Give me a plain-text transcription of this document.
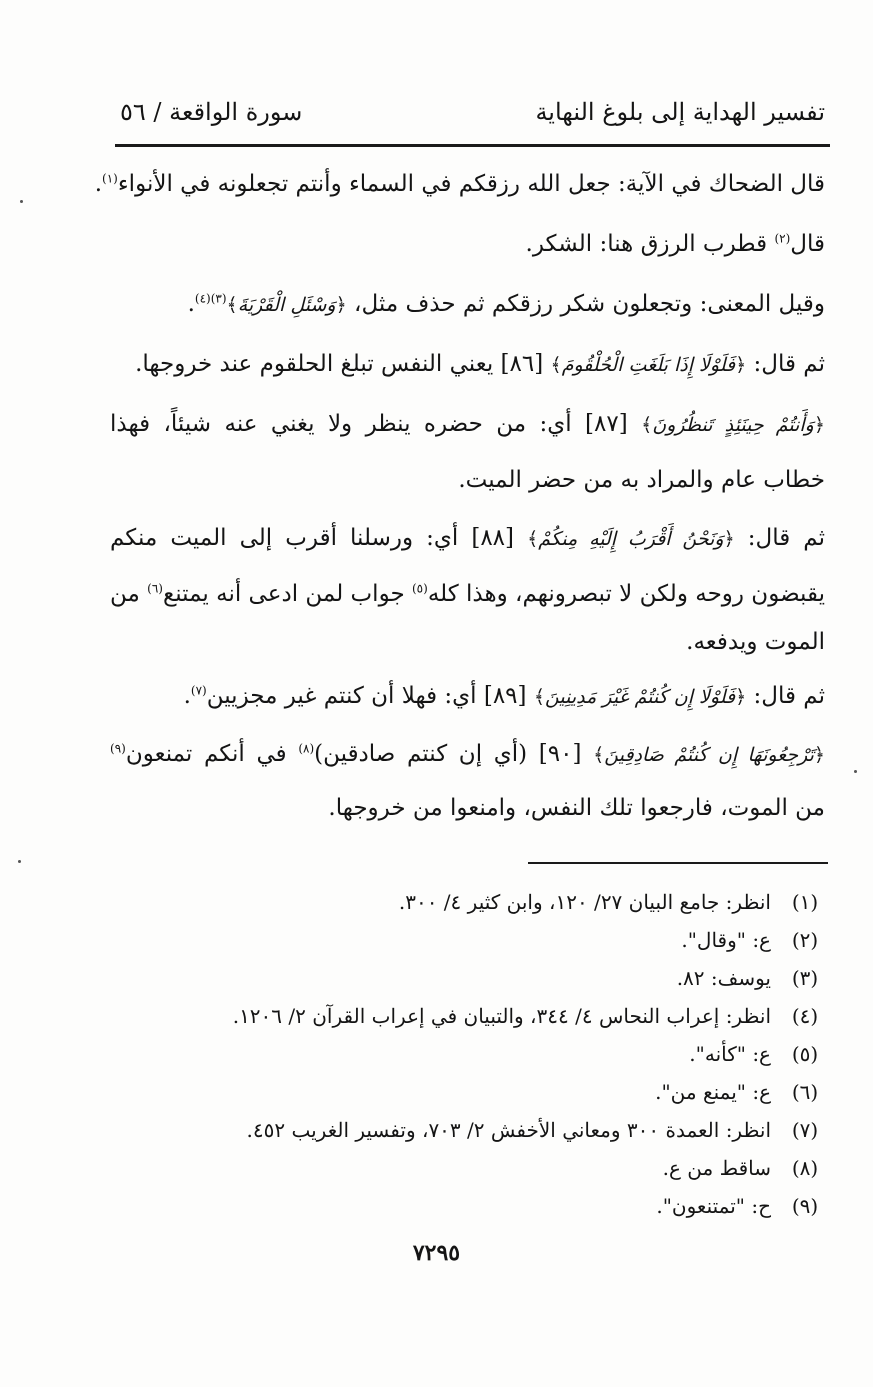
تفسير الهداية إلى بلوغ النهاية
سورة الواقعة / ٥٦
قال الضحاك في الآية: جعل الله رزقكم في السماء وأنتم تجعلونه في الأنواء$^{(١)}$.
قال$^{(٢)}$ قطرب الرزق هنا: الشكر.
وقيل المعنى: وتجعلون شكر رزقكم ثم حذف مثل، ﴿وَسْئَلِ الْقَرْيَةَ﴾$^{(٣)(٤)}$.
ثم قال: ﴿فَلَوْلَا إِذَا بَلَغَتِ الْحُلْقُومَ﴾ [٨٦] يعني النفس تبلغ الحلقوم عند خروجها.
﴿وَأَنتُمْ حِينَئِذٍ تَنظُرُونَ﴾ [٨٧] أي: من حضره ينظر ولا يغني عنه شيئاً، فهذا
خطاب عام والمراد به من حضر الميت.
ثم قال: ﴿وَنَحْنُ أَقْرَبُ إِلَيْهِ مِنكُمْ﴾ [٨٨] أي: ورسلنا أقرب إلى الميت منكم
يقبضون روحه ولكن لا تبصرونهم، وهذا كله$^{(٥)}$ جواب لمن ادعى أنه يمتنع$^{(٦)}$ من
الموت ويدفعه.
ثم قال: ﴿فَلَوْلَا إِن كُنتُمْ غَيْرَ مَدِينِينَ﴾ [٨٩] أي: فهلا أن كنتم غير مجزيين$^{(٧)}$.
﴿تَرْجِعُونَهَا إِن كُنتُمْ صَادِقِينَ﴾ [٩٠] (أي إن كنتم صادقين)$^{(٨)}$ في أنكم تمنعون$^{(٩)}$
من الموت، فارجعوا تلك النفس، وامنعوا من خروجها.
(١)انظر: جامع البيان ٢٧/ ١٢٠، وابن كثير ٤/ ٣٠٠.
(٢)ع: "وقال".
(٣)يوسف: ٨٢.
(٤)انظر: إعراب النحاس ٤/ ٣٤٤، والتبيان في إعراب القرآن ٢/ ١٢٠٦.
(٥)ع: "كأنه".
(٦)ع: "يمنع من".
(٧)انظر: العمدة ٣٠٠ ومعاني الأخفش ٢/ ٧٠٣، وتفسير الغريب ٤٥٢.
(٨)ساقط من ع.
(٩)ح: "تمتنعون".
٧٢٩٥
